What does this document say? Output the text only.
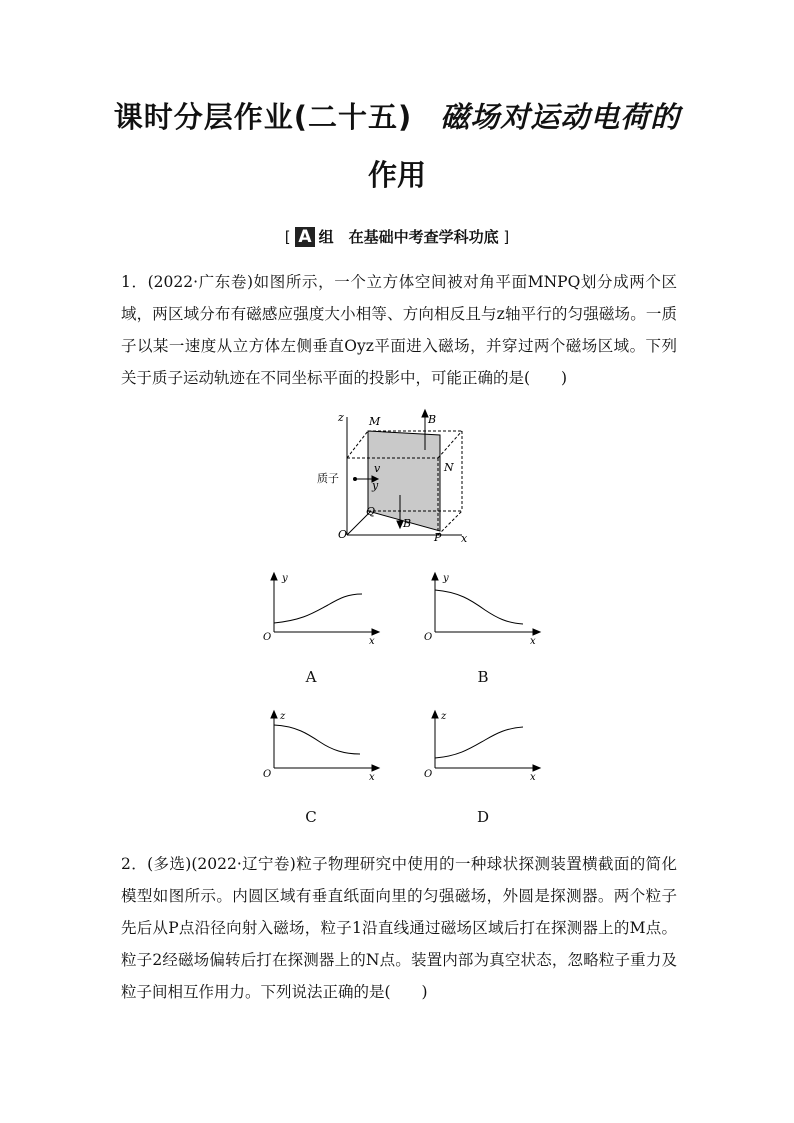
课时分层作业(二十五) 磁场对运动电荷的
作用
[ A 组　在基础中考查学科功底 ]
1．(2022·广东卷)如图所示，一个立方体空间被对角平面MNPQ划分成两个区域，两区域分布有磁感应强度大小相等、方向相反且与z轴平行的匀强磁场。一质子以某一速度从立方体左侧垂直Oyz平面进入磁场，并穿过两个磁场区域。下列关于质子运动轨迹在不同坐标平面的投影中，可能正确的是(　　)
z M	B
N
质子
v
y
Q
B
O	P x
y
O	x
A
y
O	x
B
z
O	x
C
z
O	x
D
2．(多选)(2022·辽宁卷)粒子物理研究中使用的一种球状探测装置横截面的简化模型如图所示。内圆区域有垂直纸面向里的匀强磁场，外圆是探测器。两个粒子先后从P点沿径向射入磁场，粒子1沿直线通过磁场区域后打在探测器上的M点。粒子2经磁场偏转后打在探测器上的N点。装置内部为真空状态，忽略粒子重力及粒子间相互作用力。下列说法正确的是(　　)
